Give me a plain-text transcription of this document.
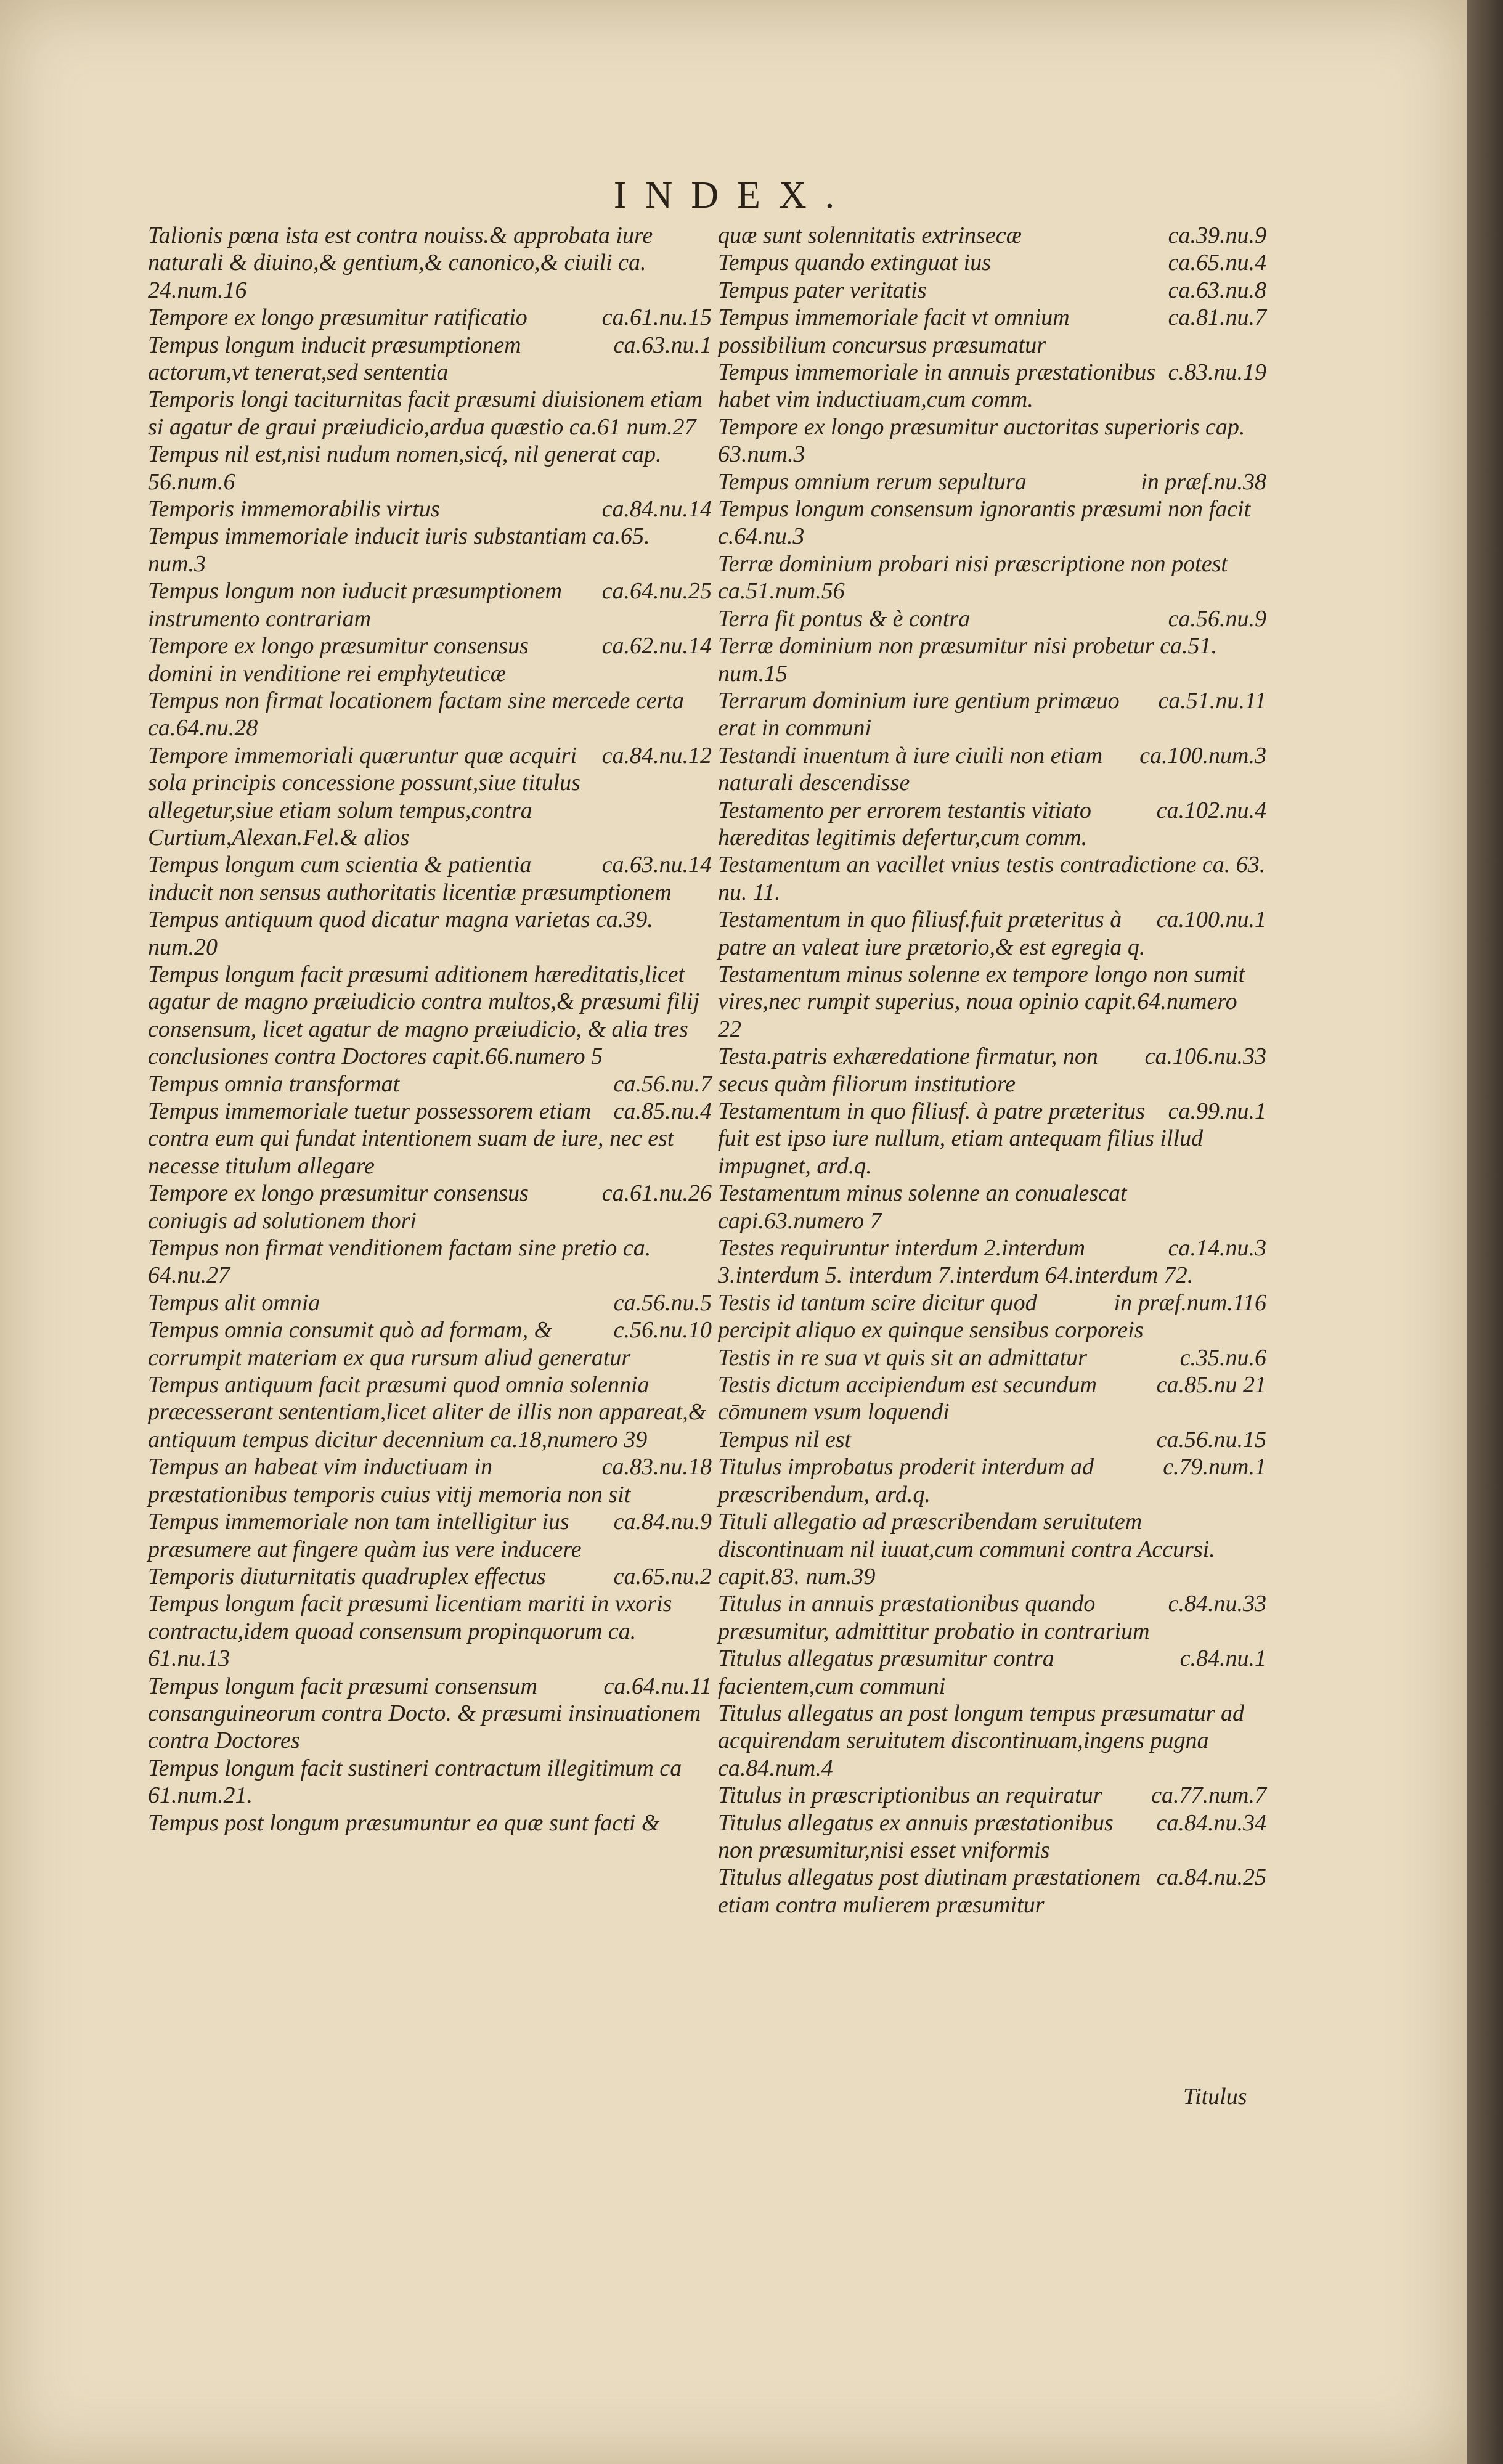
INDEX.
Talionis pœna ista est contra nouiss.& approbata iure naturali & diuino,& gentium,& canonico,& ciuili ca. 24.num.16
ca.61.nu.15
Tempore ex longo præsumitur ratificatio
ca.63.nu.1
Tempus longum inducit præsumptionem actorum,vt tenerat,sed sententia
Temporis longi taciturnitas facit præsumi diuisionem etiam si agatur de graui præiudicio,ardua quæstio ca.61 num.27
Tempus nil est,nisi nudum nomen,sicq́, nil generat cap. 56.num.6
ca.84.nu.14
Temporis immemorabilis virtus
Tempus immemoriale inducit iuris substantiam ca.65. num.3
ca.64.nu.25
Tempus longum non iuducit præsumptionem instrumento contrariam
ca.62.nu.14
Tempore ex longo præsumitur consensus domini in venditione rei emphyteuticæ
Tempus non firmat locationem factam sine mercede certa ca.64.nu.28
ca.84.nu.12
Tempore immemoriali quæruntur quæ acquiri sola principis concessione possunt,siue titulus allegetur,siue etiam solum tempus,contra Curtium,Alexan.Fel.& alios
ca.63.nu.14
Tempus longum cum scientia & patientia inducit non sensus authoritatis licentiæ præsumptionem
Tempus antiquum quod dicatur magna varietas ca.39. num.20
Tempus longum facit præsumi aditionem hæreditatis,licet agatur de magno præiudicio contra multos,& præsumi filij consensum, licet agatur de magno præiudicio, & alia tres conclusiones contra Doctores capit.66.numero 5
ca.56.nu.7
Tempus omnia transformat
ca.85.nu.4
Tempus immemoriale tuetur possessorem etiam contra eum qui fundat intentionem suam de iure, nec est necesse titulum allegare
ca.61.nu.26
Tempore ex longo præsumitur consensus coniugis ad solutionem thori
Tempus non firmat venditionem factam sine pretio ca. 64.nu.27
ca.56.nu.5
Tempus alit omnia
c.56.nu.10
Tempus omnia consumit quò ad formam, & corrumpit materiam ex qua rursum aliud generatur
Tempus antiquum facit præsumi quod omnia solennia præcesserant sententiam,licet aliter de illis non appareat,& antiquum tempus dicitur decennium ca.18,numero 39
ca.83.nu.18
Tempus an habeat vim inductiuam in præstationibus temporis cuius vitij memoria non sit
ca.84.nu.9
Tempus immemoriale non tam intelligitur ius præsumere aut fingere quàm ius vere inducere
ca.65.nu.2
Temporis diuturnitatis quadruplex effectus
Tempus longum facit præsumi licentiam mariti in vxoris contractu,idem quoad consensum propinquorum ca. 61.nu.13
ca.64.nu.11
Tempus longum facit præsumi consensum consanguineorum contra Docto. & præsumi insinuationem contra Doctores
Tempus longum facit sustineri contractum illegitimum ca 61.num.21.
Tempus post longum præsumuntur ea quæ sunt facti &
ca.39.nu.9
quæ sunt solennitatis extrinsecæ
ca.65.nu.4
Tempus quando extinguat ius
ca.63.nu.8
Tempus pater veritatis
ca.81.nu.7
Tempus immemoriale facit vt omnium possibilium concursus præsumatur
c.83.nu.19
Tempus immemoriale in annuis præstationibus habet vim inductiuam,cum comm.
Tempore ex longo præsumitur auctoritas superioris cap. 63.num.3
in præf.nu.38
Tempus omnium rerum sepultura
Tempus longum consensum ignorantis præsumi non facit c.64.nu.3
Terræ dominium probari nisi præscriptione non potest ca.51.num.56
ca.56.nu.9
Terra fit pontus & è contra
Terræ dominium non præsumitur nisi probetur ca.51. num.15
ca.51.nu.11
Terrarum dominium iure gentium primæuo erat in communi
ca.100.num.3
Testandi inuentum à iure ciuili non etiam naturali descendisse
ca.102.nu.4
Testamento per errorem testantis vitiato hæreditas legitimis defertur,cum comm.
Testamentum an vacillet vnius testis contradictione ca. 63. nu. 11.
ca.100.nu.1
Testamentum in quo filiusf.fuit præteritus à patre an valeat iure prætorio,& est egregia q.
Testamentum minus solenne ex tempore longo non sumit vires,nec rumpit superius, noua opinio capit.64.numero 22
ca.106.nu.33
Testa.patris exhæredatione firmatur, non secus quàm filiorum institutiore
ca.99.nu.1
Testamentum in quo filiusf. à patre præteritus fuit est ipso iure nullum, etiam antequam filius illud impugnet, ard.q.
Testamentum minus solenne an conualescat capi.63.numero 7
ca.14.nu.3
Testes requiruntur interdum 2.interdum 3.interdum 5. interdum 7.interdum 64.interdum 72.
in præf.num.116
Testis id tantum scire dicitur quod percipit aliquo ex quinque sensibus corporeis
c.35.nu.6
Testis in re sua vt quis sit an admittatur
ca.85.nu 21
Testis dictum accipiendum est secundum cōmunem vsum loquendi
ca.56.nu.15
Tempus nil est
c.79.num.1
Titulus improbatus proderit interdum ad præscribendum, ard.q.
Tituli allegatio ad præscribendam seruitutem discontinuam nil iuuat,cum communi contra Accursi. capit.83. num.39
c.84.nu.33
Titulus in annuis præstationibus quando præsumitur, admittitur probatio in contrarium
c.84.nu.1
Titulus allegatus præsumitur contra facientem,cum communi
Titulus allegatus an post longum tempus præsumatur ad acquirendam seruitutem discontinuam,ingens pugna ca.84.num.4
ca.77.num.7
Titulus in præscriptionibus an requiratur
ca.84.nu.34
Titulus allegatus ex annuis præstationibus non præsumitur,nisi esset vniformis
ca.84.nu.25
Titulus allegatus post diutinam præstationem etiam contra mulierem præsumitur
Titulus
